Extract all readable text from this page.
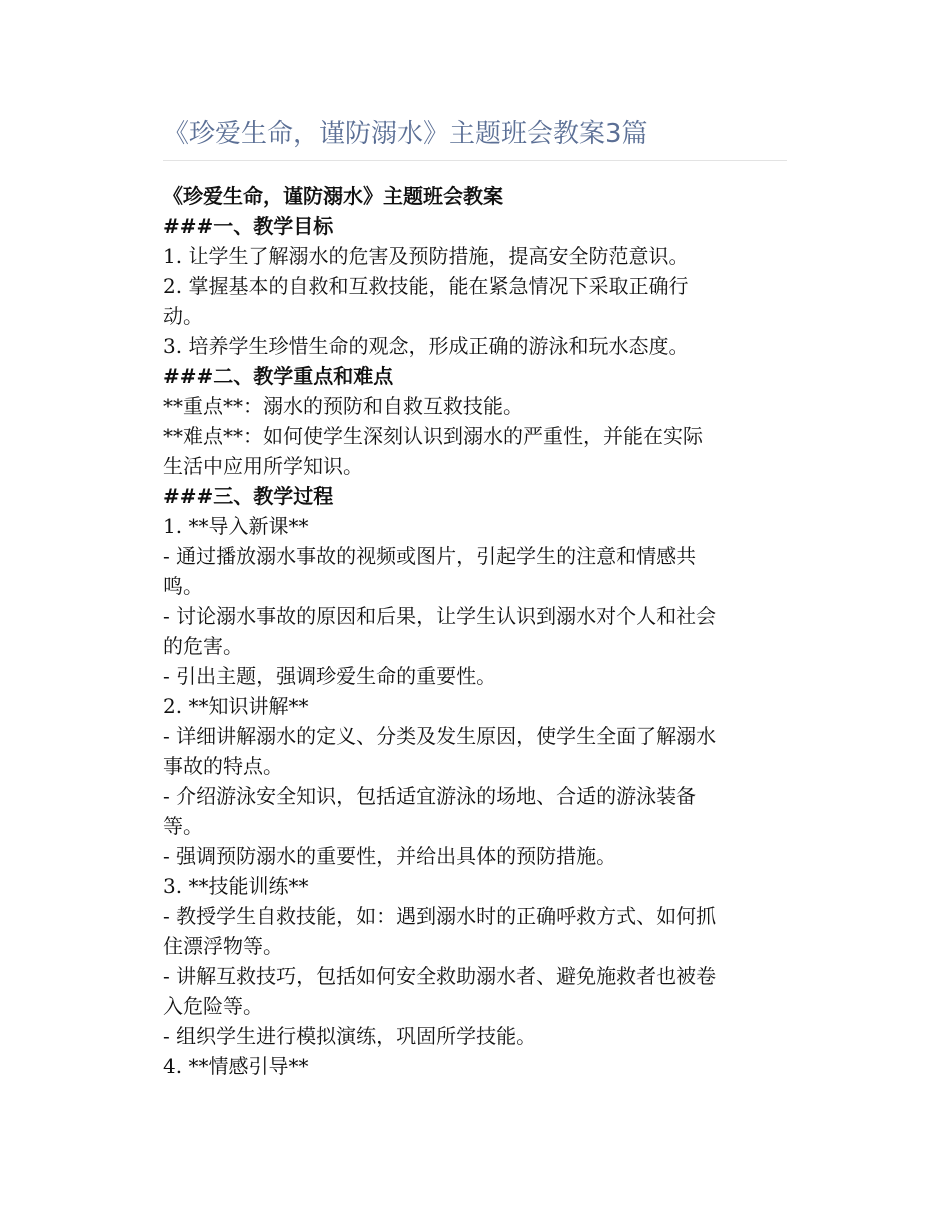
《珍爱生命，谨防溺水》主题班会教案3篇

《珍爱生命，谨防溺水》主题班会教案

###一、教学目标

1. 让学生了解溺水的危害及预防措施，提高安全防范意识。

2. 掌握基本的自救和互救技能，能在紧急情况下采取正确行

动。

3. 培养学生珍惜生命的观念，形成正确的游泳和玩水态度。

###二、教学重点和难点

**重点**：溺水的预防和自救互救技能。

**难点**：如何使学生深刻认识到溺水的严重性，并能在实际

生活中应用所学知识。

###三、教学过程

1. **导入新课**

- 通过播放溺水事故的视频或图片，引起学生的注意和情感共

鸣。

- 讨论溺水事故的原因和后果，让学生认识到溺水对个人和社会

的危害。

- 引出主题，强调珍爱生命的重要性。

2. **知识讲解**

- 详细讲解溺水的定义、分类及发生原因，使学生全面了解溺水

事故的特点。

- 介绍游泳安全知识，包括适宜游泳的场地、合适的游泳装备

等。

- 强调预防溺水的重要性，并给出具体的预防措施。

3. **技能训练**

- 教授学生自救技能，如：遇到溺水时的正确呼救方式、如何抓

住漂浮物等。

- 讲解互救技巧，包括如何安全救助溺水者、避免施救者也被卷

入危险等。

- 组织学生进行模拟演练，巩固所学技能。

4. **情感引导**
